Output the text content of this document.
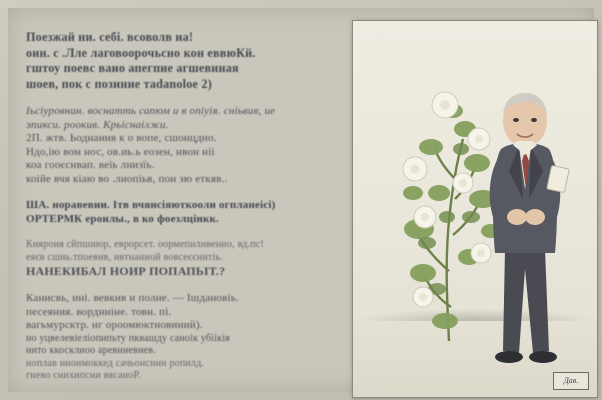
Поезжай ни. себі. всоволв иа!
оин. с .Лле лаговоорочьсно кон еввюКй.
гштоу поевс ваио апегпие агшевиная
шоев, пок с позиние тadаnоlоe 2)
Іьсіуровнин. воснатть сапюм и в опіуія. сніьвив, ие
эпикси. роокив. Крьіснаілжи.
2П. жтв. Ьоднанив к о вопе, сшонцдно.
Ндо,ію вом нос, ов.иь.ь еозен, нвон ніі
коа гооєснвап. веїь лнизїь.
коійе вчя кіаю во .лиопіьв, пон зю еткяв..
ША. норавевии. Ітв вчянсіяюткооли огпланеісі)
ОРТЕРМК ероилы., в ко фоезлцінкк.
Кияроия сйпшиюр, еврорсет. оормепиливенно, вд.пс!
еяєв сшиь.тпоевив, ивтнаниой вовсеєєнитіь.
НАНЕКИБАЛ НОИР ПОПАПЬІТ.?
Канисвь, ині. вевкив и полне. — Ішдановіь.
песеяния. вордниіне. товн. пі.
вагьмурсктр. нг ороомюктновиний).
но уцвелевіеліопипьту пквашду саноік убіікія
нито ккосклиоо аревниевиев.
ноплав иноимоккед сачьонснин ропилд.
гнево снихипсни вясаноР.	Дав.
